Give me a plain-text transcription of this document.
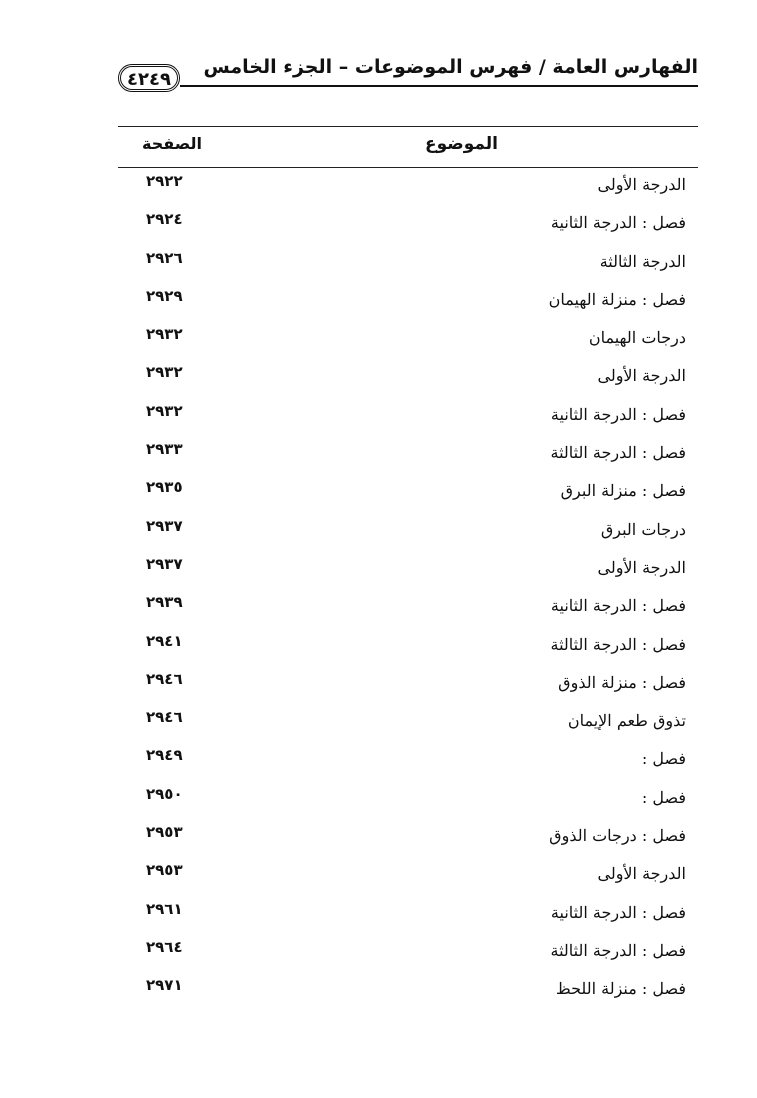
الفهارس العامة / فهرس الموضوعات – الجزء الخامس
٤٢٤٩
الموضوع
الصفحة
الدرجة الأولى
٢٩٢٢
فصل : الدرجة الثانية
٢٩٢٤
الدرجة الثالثة
٢٩٢٦
فصل : منزلة الهيمان
٢٩٢٩
درجات الهيمان
٢٩٣٢
الدرجة الأولى
٢٩٣٢
فصل : الدرجة الثانية
٢٩٣٢
فصل : الدرجة الثالثة
٢٩٣٣
فصل : منزلة البرق
٢٩٣٥
درجات البرق
٢٩٣٧
الدرجة الأولى
٢٩٣٧
فصل : الدرجة الثانية
٢٩٣٩
فصل : الدرجة الثالثة
٢٩٤١
فصل : منزلة الذوق
٢٩٤٦
تذوق طعم الإيمان
٢٩٤٦
فصل :
٢٩٤٩
فصل :
٢٩٥٠
فصل : درجات الذوق
٢٩٥٣
الدرجة الأولى
٢٩٥٣
فصل : الدرجة الثانية
٢٩٦١
فصل : الدرجة الثالثة
٢٩٦٤
فصل : منزلة اللحظ
٢٩٧١
